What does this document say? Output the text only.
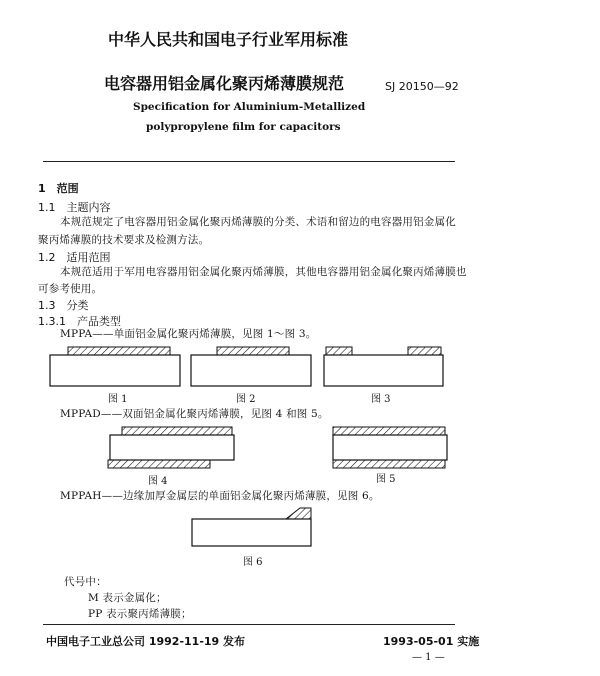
中华人民共和国电子行业军用标准
电容器用铝金属化聚丙烯薄膜规范	SJ 20150—92
Specification for Aluminium-Metallized
polypropylene film for capacitors
1　范围
1.1　主题内容
本规范规定了电容器用铝金属化聚丙烯薄膜的分类、术语和留边的电容器用铝金属化
聚丙烯薄膜的技术要求及检测方法。
1.2　适用范围
本规范适用于军用电容器用铝金属化聚丙烯薄膜，其他电容器用铝金属化聚丙烯薄膜也
可参考使用。
1.3　分类
1.3.1　产品类型
MPPA——单面铝金属化聚丙烯薄膜，见图 1～图 3。
图 1	图 2	图 3
MPPAD——双面铝金属化聚丙烯薄膜，见图 4 和图 5。
图 4	图 5
MPPAH——边缘加厚金属层的单面铝金属化聚丙烯薄膜，见图 6。
图 6
代号中：
M 表示金属化；
PP 表示聚丙烯薄膜；
中国电子工业总公司 1992-11-19 发布	1993-05-01 实施
— 1 —
